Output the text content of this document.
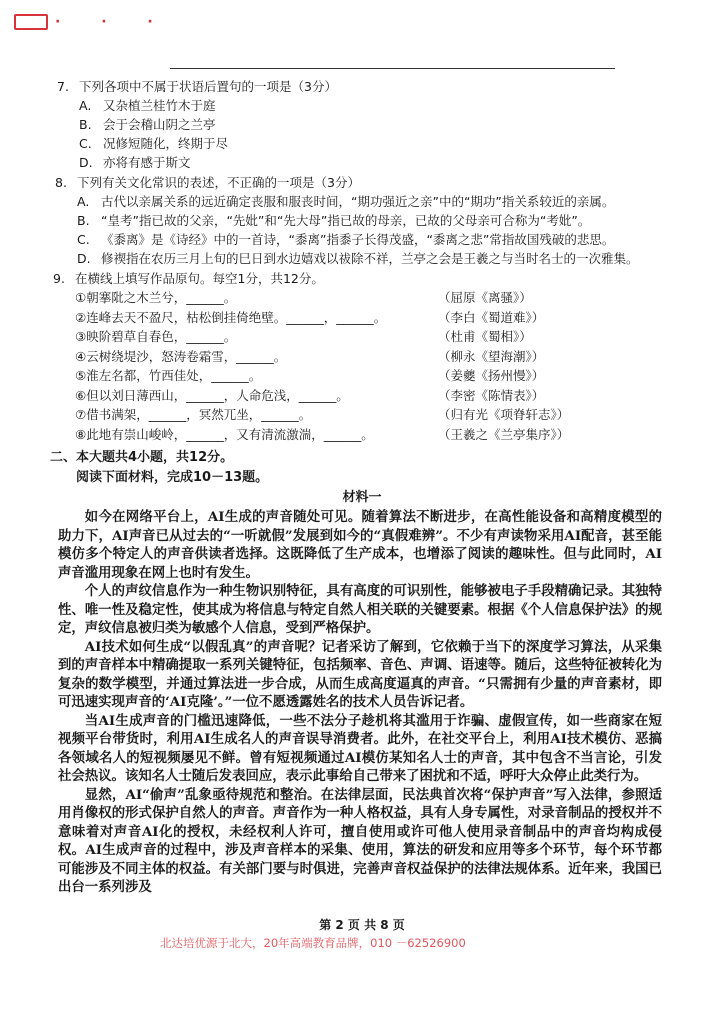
· · ·
7. 下列各项中不属于状语后置句的一项是（3分）
A. 又杂植兰桂竹木于庭
B. 会于会稽山阴之兰亭
C. 况修短随化，终期于尽
D. 亦将有感于斯文
8. 下列有关文化常识的表述，不正确的一项是（3分）
A. 古代以亲属关系的远近确定丧服和服丧时间，“期功强近之亲”中的“期功”指关系较近的亲属。
B. “皇考”指已故的父亲，“先妣”和“先大母”指已故的母亲，已故的父母亲可合称为“考妣”。
C. 《黍离》是《诗经》中的一首诗，“黍离”指黍子长得茂盛，“黍离之悲”常指故国残破的悲思。
D. 修禊指在农历三月上旬的巳日到水边嬉戏以祓除不祥，兰亭之会是王羲之与当时名士的一次雅集。
9. 在横线上填写作品原句。每空1分，共12分。
①朝搴阰之木兰兮，______。	（屈原《离骚》）
②连峰去天不盈尺，枯松倒挂倚绝壁。______，______。	（李白《蜀道难》）
③映阶碧草自春色，______。	（杜甫《蜀相》）
④云树绕堤沙，怒涛卷霜雪，______。	（柳永《望海潮》）
⑤淮左名都，竹西佳处，______。	（姜夔《扬州慢》）
⑥但以刘日薄西山，______，人命危浅，______。	（李密《陈情表》）
⑦借书满架，______，冥然兀坐，______。	（归有光《项脊轩志》）
⑧此地有崇山峻岭，______，又有清流激湍，______。	（王羲之《兰亭集序》）
二、本大题共4小题，共12分。
阅读下面材料，完成10－13题。
材料一

如今在网络平台上，AI生成的声音随处可见。随着算法不断进步，在高性能设备和高精度模型的助力下，AI声音已从过去的“一听就假”发展到如今的“真假难辨”。不少有声读物采用AI配音，甚至能模仿多个特定人的声音供读者选择。这既降低了生产成本，也增添了阅读的趣味性。但与此同时，AI声音滥用现象在网上也时有发生。

个人的声纹信息作为一种生物识别特征，具有高度的可识别性，能够被电子手段精确记录。其独特性、唯一性及稳定性，使其成为将信息与特定自然人相关联的关键要素。根据《个人信息保护法》的规定，声纹信息被归类为敏感个人信息，受到严格保护。

AI技术如何生成“以假乱真”的声音呢？记者采访了解到，它依赖于当下的深度学习算法，从采集到的声音样本中精确提取一系列关键特征，包括频率、音色、声调、语速等。随后，这些特征被转化为复杂的数学模型，并通过算法进一步合成，从而生成高度逼真的声音。“只需拥有少量的声音素材，即可迅速实现声音的‘AI克隆’。”一位不愿透露姓名的技术人员告诉记者。

当AI生成声音的门槛迅速降低，一些不法分子趁机将其滥用于诈骗、虚假宣传，如一些商家在短视频平台带货时，利用AI生成名人的声音误导消费者。此外，在社交平台上，利用AI技术模仿、恶搞各领域名人的短视频屡见不鲜。曾有短视频通过AI模仿某知名人士的声音，其中包含不当言论，引发社会热议。该知名人士随后发表回应，表示此事给自己带来了困扰和不适，呼吁大众停止此类行为。

显然，AI“偷声”乱象亟待规范和整治。在法律层面，民法典首次将“保护声音”写入法律，参照适用肖像权的形式保护自然人的声音。声音作为一种人格权益，具有人身专属性，对录音制品的授权并不意味着对声音AI化的授权，未经权利人许可，擅自使用或许可他人使用录音制品中的声音均构成侵权。AI生成声音的过程中，涉及声音样本的采集、使用，算法的研发和应用等多个环节，每个环节都可能涉及不同主体的权益。有关部门要与时俱进，完善声音权益保护的法律法规体系。近年来，我国已出台一系列涉及

第 2 页 共 8 页
北达培优源于北大，20年高端教育品牌，010 －62526900
